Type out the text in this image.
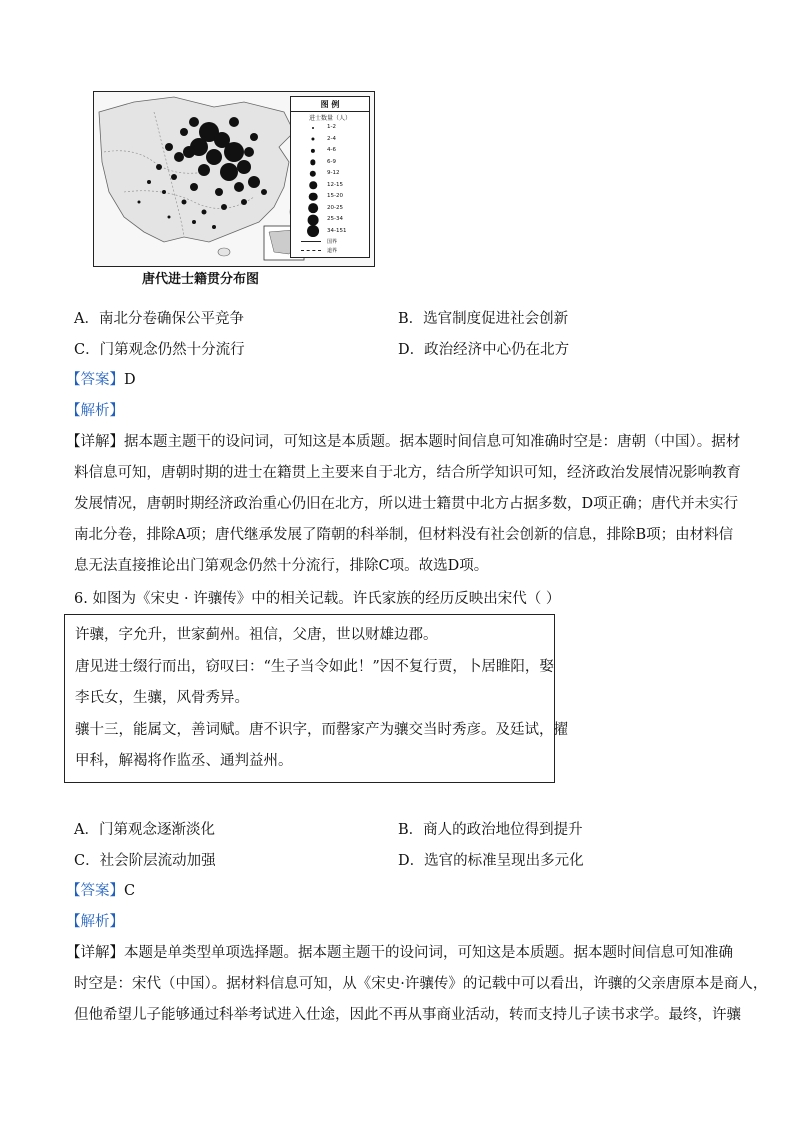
图 例
进士数量（人）
1-2
2-4
4-6
6-9
9-12
12-15
15-20
20-25
25-34
34-151
国界
道界
唐代进士籍贯分布图
A．南北分卷确保公平竞争	B．选官制度促进社会创新
C．门第观念仍然十分流行	D．政治经济中心仍在北方
【答案】D
【解析】
【详解】据本题主题干的设问词，可知这是本质题。据本题时间信息可知准确时空是：唐朝（中国）。据材
料信息可知，唐朝时期的进士在籍贯上主要来自于北方，结合所学知识可知，经济政治发展情况影响教育
发展情况，唐朝时期经济政治重心仍旧在北方，所以进士籍贯中北方占据多数，D项正确；唐代并未实行
南北分卷，排除A项；唐代继承发展了隋朝的科举制，但材料没有社会创新的信息，排除B项；由材料信
息无法直接推论出门第观念仍然十分流行，排除C项。故选D项。
6. 如图为《宋史 · 许骧传》中的相关记载。许氏家族的经历反映出宋代（ ）
许骧，字允升，世家蓟州。祖信，父唐，世以财雄边郡。
唐见进士缀行而出，窃叹曰：“生子当令如此！”因不复行贾，卜居睢阳，娶
李氏女，生骧，风骨秀异。
骧十三，能属文，善词赋。唐不识字，而罄家产为骧交当时秀彦。及廷试，擢
甲科，解褐将作监丞、通判益州。
A．门第观念逐渐淡化	B．商人的政治地位得到提升
C．社会阶层流动加强	D．选官的标准呈现出多元化
【答案】C
【解析】
【详解】本题是单类型单项选择题。据本题主题干的设问词，可知这是本质题。据本题时间信息可知准确
时空是：宋代（中国）。据材料信息可知，从《宋史·许骧传》的记载中可以看出，许骧的父亲唐原本是商人，
但他希望儿子能够通过科举考试进入仕途，因此不再从事商业活动，转而支持儿子读书求学。最终，许骧
